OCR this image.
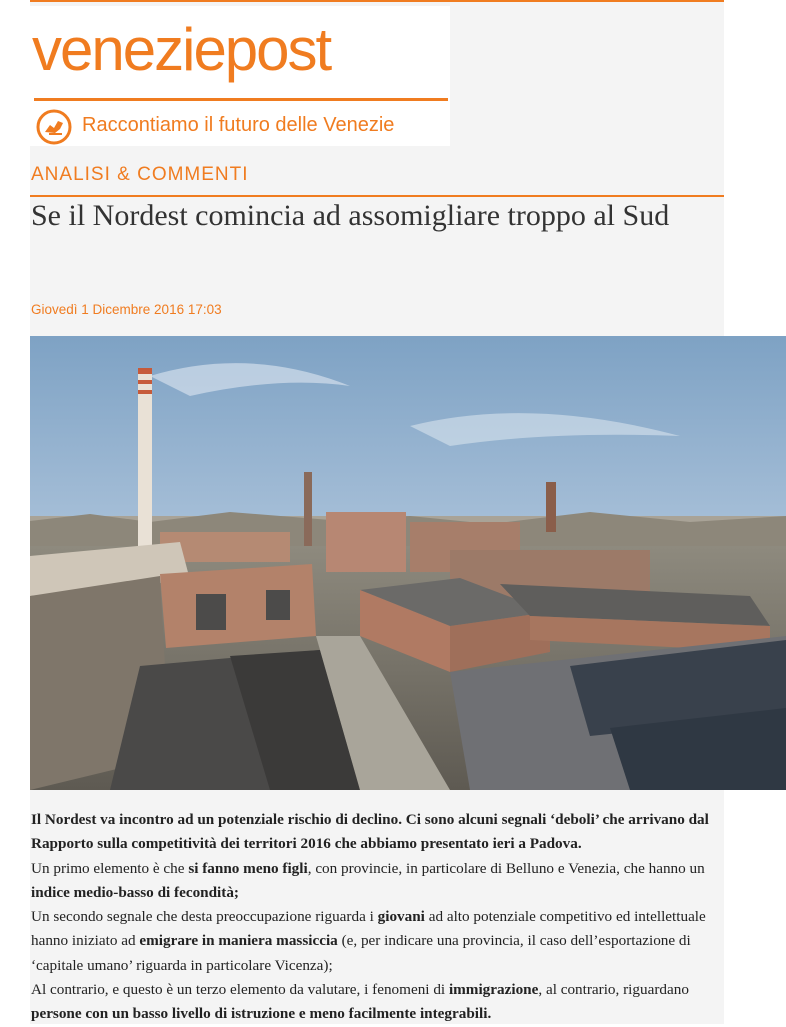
veneziepost
Raccontiamo il futuro delle Venezie
ANALISI & COMMENTI
Se il Nordest comincia ad assomigliare troppo al Sud
Giovedì 1 Dicembre 2016 17:03

Il Nordest va incontro ad un potenziale rischio di declino. Ci sono alcuni segnali ‘deboli’ che arrivano dal Rapporto sulla competitività dei territori 2016 che abbiamo presentato ieri a Padova.

Un primo elemento è che si fanno meno figli, con provincie, in particolare di Belluno e Venezia, che hanno un indice medio-basso di fecondità;

Un secondo segnale che desta preoccupazione riguarda i giovani ad alto potenziale competitivo ed intellettuale hanno iniziato ad emigrare in maniera massiccia (e, per indicare una provincia, il caso dell’esportazione di ‘capitale umano’ riguarda in particolare Vicenza);

Al contrario, e questo è un terzo elemento da valutare, i fenomeni di immigrazione, al contrario, riguardano persone con un basso livello di istruzione e meno facilmente integrabili.
